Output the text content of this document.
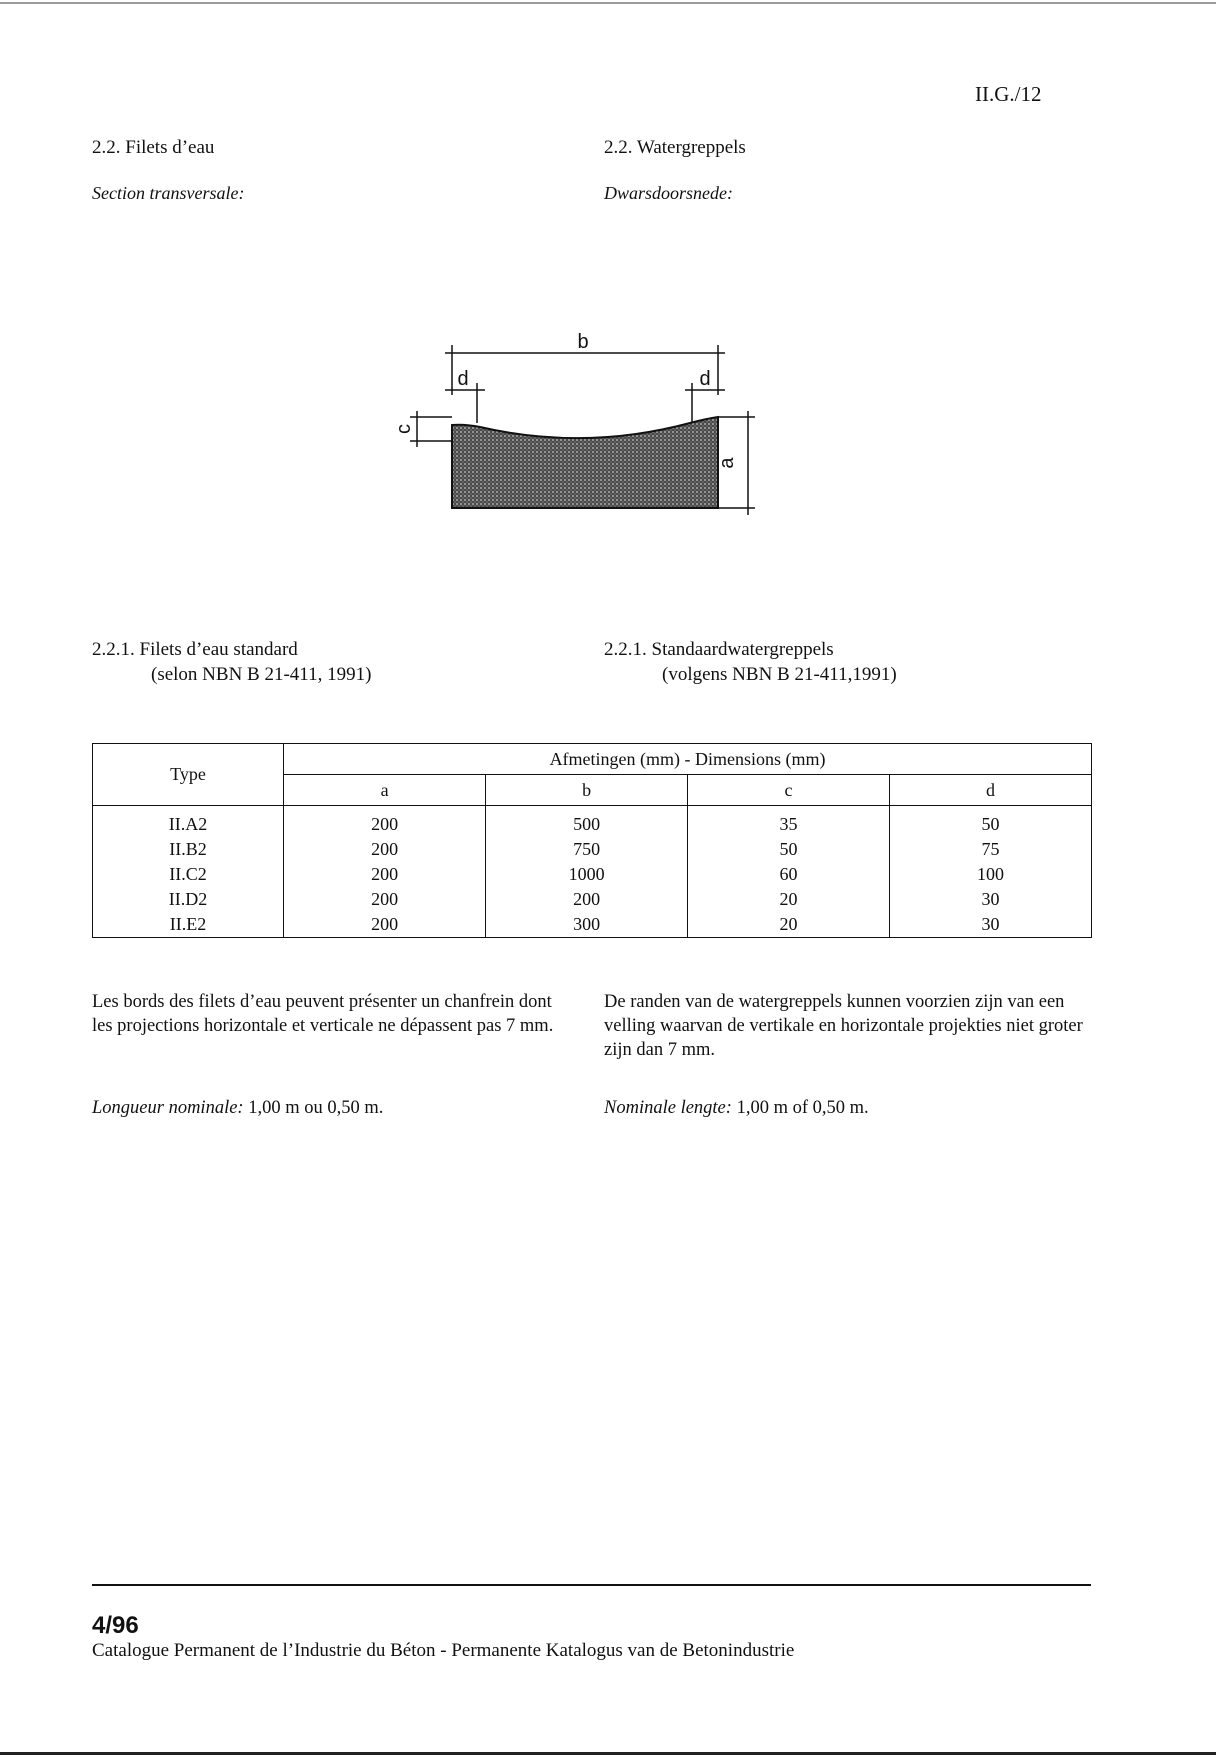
II.G./12
2.2. Filets d’eau	2.2. Watergreppels
Section transversale:	Dwarsdoorsnede:
b
d	d
c
a
2.2.1. Filets d’eau standard
(selon NBN B 21-411, 1991)
2.2.1. Standaardwatergreppels
(volgens NBN B 21-411,1991)
Type	Afmetingen (mm) - Dimensions (mm)			
	a	b	c	d
II.A2	200	500	35	50
II.B2	200	750	50	75
II.C2	200	1000	60	100
II.D2	200	200	20	30
II.E2	200	300	20	30
Les bords des filets d’eau peuvent présenter un chanfrein dont les projections horizontale et verticale ne dépassent pas 7 mm.
De randen van de watergreppels kunnen voorzien zijn van een velling waarvan de vertikale en horizontale projekties niet groter zijn dan 7 mm.
Longueur nominale: 1,00 m ou 0,50 m.	Nominale lengte: 1,00 m of 0,50 m.
4/96
Catalogue Permanent de l’Industrie du Béton - Permanente Katalogus van de Betonindustrie
